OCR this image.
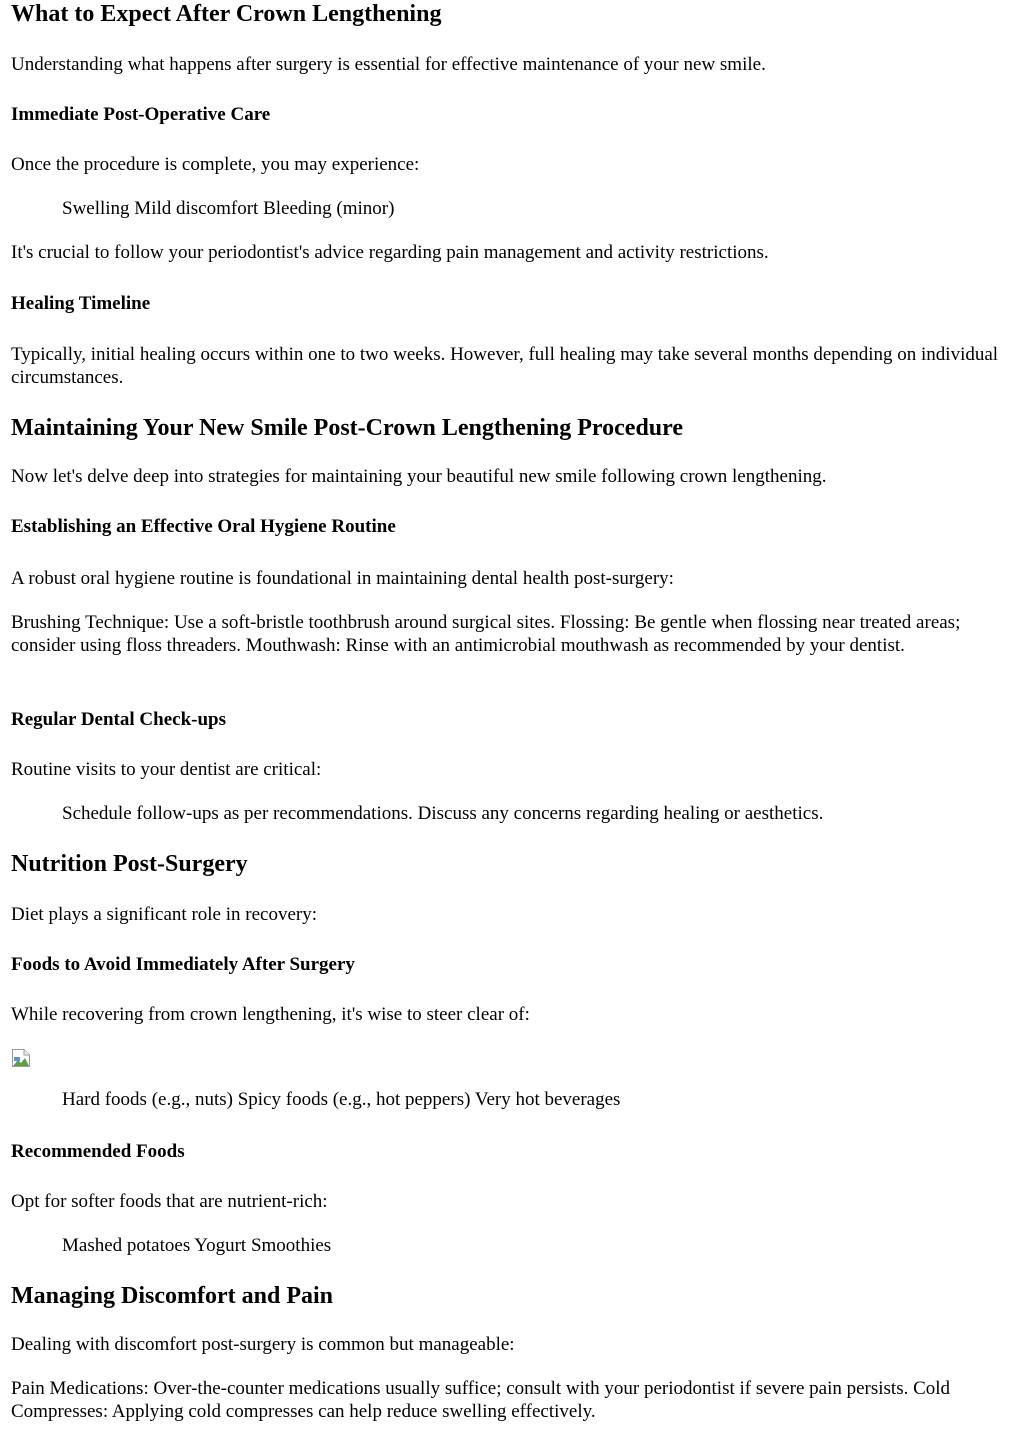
What to Expect After Crown Lengthening

Understanding what happens after surgery is essential for effective maintenance of your new smile.

Immediate Post-Operative Care

Once the procedure is complete, you may experience:

Swelling Mild discomfort Bleeding (minor)

It's crucial to follow your periodontist's advice regarding pain management and activity restrictions.

Healing Timeline

Typically, initial healing occurs within one to two weeks. However, full healing may take several months depending on individual circumstances.

Maintaining Your New Smile Post-Crown Lengthening Procedure

Now let's delve deep into strategies for maintaining your beautiful new smile following crown lengthening.

Establishing an Effective Oral Hygiene Routine

A robust oral hygiene routine is foundational in maintaining dental health post-surgery:

Brushing Technique: Use a soft-bristle toothbrush around surgical sites. Flossing: Be gentle when flossing near treated areas; consider using floss threaders. Mouthwash: Rinse with an antimicrobial mouthwash as recommended by your dentist.

Regular Dental Check-ups

Routine visits to your dentist are critical:

Schedule follow-ups as per recommendations. Discuss any concerns regarding healing or aesthetics.

Nutrition Post-Surgery

Diet plays a significant role in recovery:

Foods to Avoid Immediately After Surgery

While recovering from crown lengthening, it's wise to steer clear of:

Hard foods (e.g., nuts) Spicy foods (e.g., hot peppers) Very hot beverages

Recommended Foods

Opt for softer foods that are nutrient-rich:

Mashed potatoes Yogurt Smoothies

Managing Discomfort and Pain

Dealing with discomfort post-surgery is common but manageable:

Pain Medications: Over-the-counter medications usually suffice; consult with your periodontist if severe pain persists. Cold Compresses: Applying cold compresses can help reduce swelling effectively.
